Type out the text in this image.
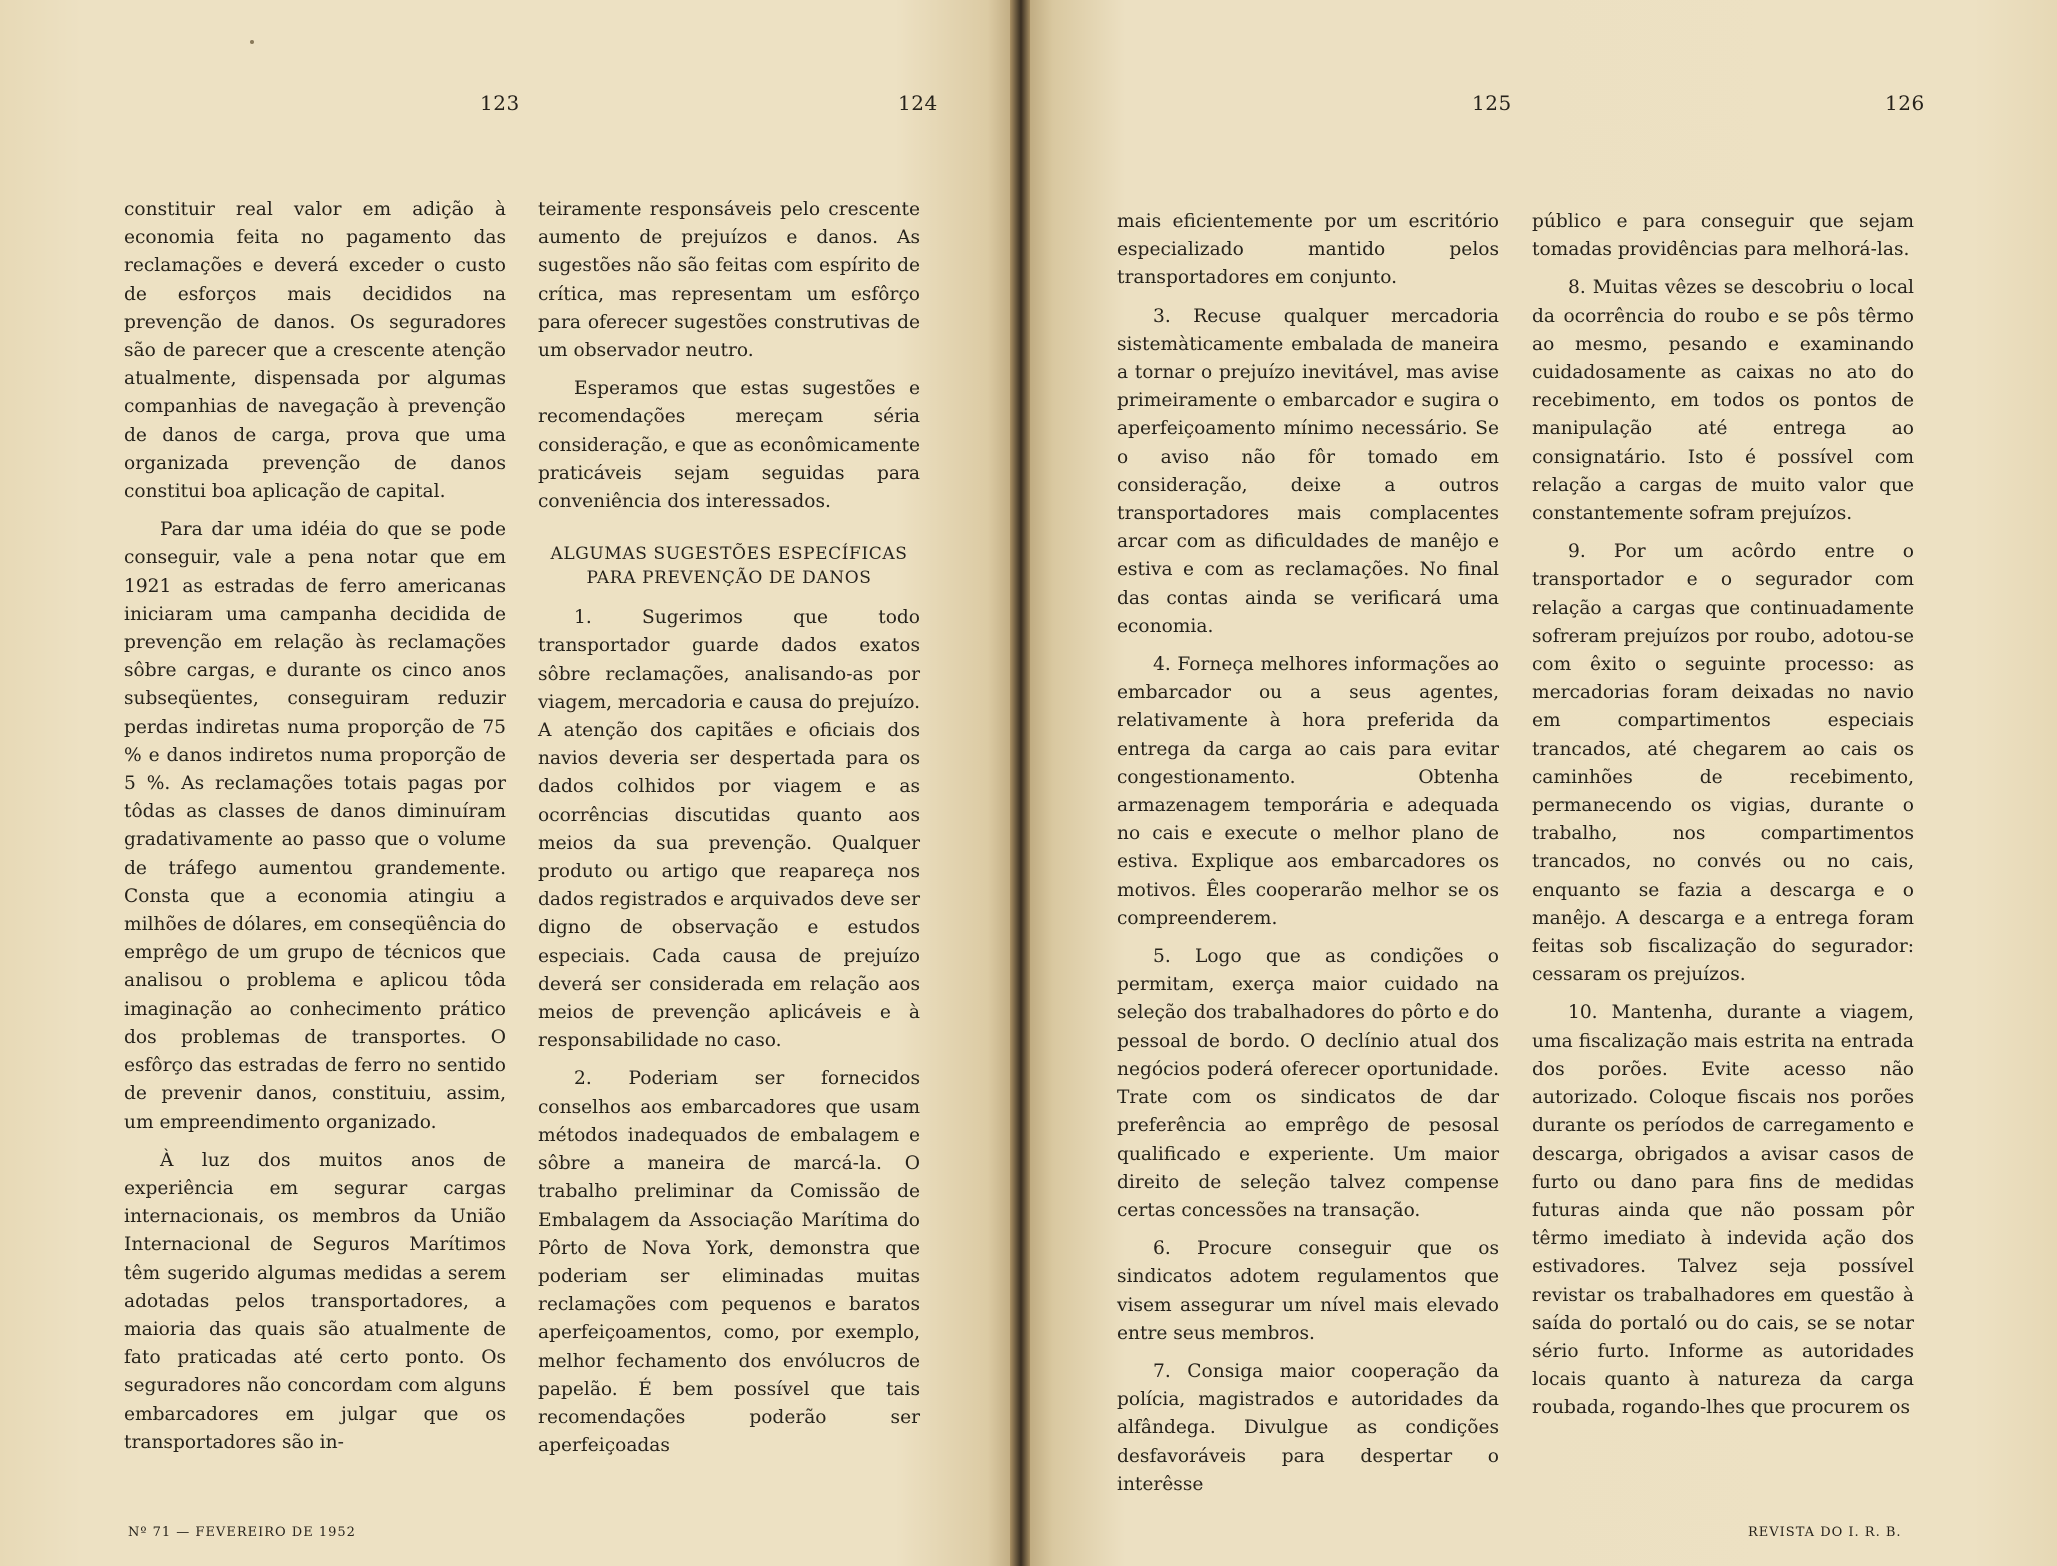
123	124

constituir real valor em adição à economia feita no pagamento das reclamações e deverá exceder o custo de esforços mais decididos na prevenção de danos. Os seguradores são de parecer que a crescente atenção atualmente, dispensada por algumas companhias de navegação à prevenção de danos de carga, prova que uma organizada prevenção de danos constitui boa aplicação de capital.

Para dar uma idéia do que se pode conseguir, vale a pena notar que em 1921 as estradas de ferro americanas iniciaram uma campanha decidida de prevenção em relação às reclamações sôbre cargas, e durante os cinco anos subseqüentes, conseguiram reduzir perdas indiretas numa proporção de 75 % e danos indiretos numa proporção de 5 %. As reclamações totais pagas por tôdas as classes de danos diminuíram gradativamente ao passo que o volume de tráfego aumentou grandemente. Consta que a economia atingiu a milhões de dólares, em conseqüência do emprêgo de um grupo de técnicos que analisou o problema e aplicou tôda imaginação ao conhecimento prático dos problemas de transportes. O esfôrço das estradas de ferro no sentido de prevenir danos, constituiu, assim, um empreendimento organizado.

À luz dos muitos anos de experiência em segurar cargas internacionais, os membros da União Internacional de Seguros Marítimos têm sugerido algumas medidas a serem adotadas pelos transportadores, a maioria das quais são atualmente de fato praticadas até certo ponto. Os seguradores não concordam com alguns embarcadores em julgar que os transportadores são in-

teiramente responsáveis pelo crescente aumento de prejuízos e danos. As sugestões não são feitas com espírito de crítica, mas representam um esfôrço para oferecer sugestões construtivas de um observador neutro.

Esperamos que estas sugestões e recomendações mereçam séria consideração, e que as econômicamente praticáveis sejam seguidas para conveniência dos interessados.

ALGUMAS SUGESTÕES ESPECÍFICAS
PARA PREVENÇÃO DE DANOS

1. Sugerimos que todo transportador guarde dados exatos sôbre reclamações, analisando-as por viagem, mercadoria e causa do prejuízo. A atenção dos capitães e oficiais dos navios deveria ser despertada para os dados colhidos por viagem e as ocorrências discutidas quanto aos meios da sua prevenção. Qualquer produto ou artigo que reapareça nos dados registrados e arquivados deve ser digno de observação e estudos especiais. Cada causa de prejuízo deverá ser considerada em relação aos meios de prevenção aplicáveis e à responsabilidade no caso.

2. Poderiam ser fornecidos conselhos aos embarcadores que usam métodos inadequados de embalagem e sôbre a maneira de marcá-la. O trabalho preliminar da Comissão de Embalagem da Associação Marítima do Pôrto de Nova York, demonstra que poderiam ser eliminadas muitas reclamações com pequenos e baratos aperfeiçoamentos, como, por exemplo, melhor fechamento dos envólucros de papelão. É bem possível que tais recomendações poderão ser aperfeiçoadas

Nº 71 — FEVEREIRO DE 1952
125	126

mais eficientemente por um escritório especializado mantido pelos transportadores em conjunto.

3. Recuse qualquer mercadoria sistemàticamente embalada de maneira a tornar o prejuízo inevitável, mas avise primeiramente o embarcador e sugira o aperfeiçoamento mínimo necessário. Se o aviso não fôr tomado em consideração, deixe a outros transportadores mais complacentes arcar com as dificuldades de manêjo e estiva e com as reclamações. No final das contas ainda se verificará uma economia.

4. Forneça melhores informações ao embarcador ou a seus agentes, relativamente à hora preferida da entrega da carga ao cais para evitar congestionamento. Obtenha armazenagem temporária e adequada no cais e execute o melhor plano de estiva. Explique aos embarcadores os motivos. Êles cooperarão melhor se os compreenderem.

5. Logo que as condições o permitam, exerça maior cuidado na seleção dos trabalhadores do pôrto e do pessoal de bordo. O declínio atual dos negócios poderá oferecer oportunidade. Trate com os sindicatos de dar preferência ao emprêgo de pesosal qualificado e experiente. Um maior direito de seleção talvez compense certas concessões na transação.

6. Procure conseguir que os sindicatos adotem regulamentos que visem assegurar um nível mais elevado entre seus membros.

7. Consiga maior cooperação da polícia, magistrados e autoridades da alfândega. Divulgue as condições desfavoráveis para despertar o interêsse

público e para conseguir que sejam tomadas providências para melhorá-las.

8. Muitas vêzes se descobriu o local da ocorrência do roubo e se pôs têrmo ao mesmo, pesando e examinando cuidadosamente as caixas no ato do recebimento, em todos os pontos de manipulação até entrega ao consignatário. Isto é possível com relação a cargas de muito valor que constantemente sofram prejuízos.

9. Por um acôrdo entre o transportador e o segurador com relação a cargas que continuadamente sofreram prejuízos por roubo, adotou-se com êxito o seguinte processo: as mercadorias foram deixadas no navio em compartimentos especiais trancados, até chegarem ao cais os caminhões de recebimento, permanecendo os vigias, durante o trabalho, nos compartimentos trancados, no convés ou no cais, enquanto se fazia a descarga e o manêjo. A descarga e a entrega foram feitas sob fiscalização do segurador: cessaram os prejuízos.

10. Mantenha, durante a viagem, uma fiscalização mais estrita na entrada dos porões. Evite acesso não autorizado. Coloque fiscais nos porões durante os períodos de carregamento e descarga, obrigados a avisar casos de furto ou dano para fins de medidas futuras ainda que não possam pôr têrmo imediato à indevida ação dos estivadores. Talvez seja possível revistar os trabalhadores em questão à saída do portaló ou do cais, se se notar sério furto. Informe as autoridades locais quanto à natureza da carga roubada, rogando-lhes que procurem os

REVISTA DO I. R. B.
